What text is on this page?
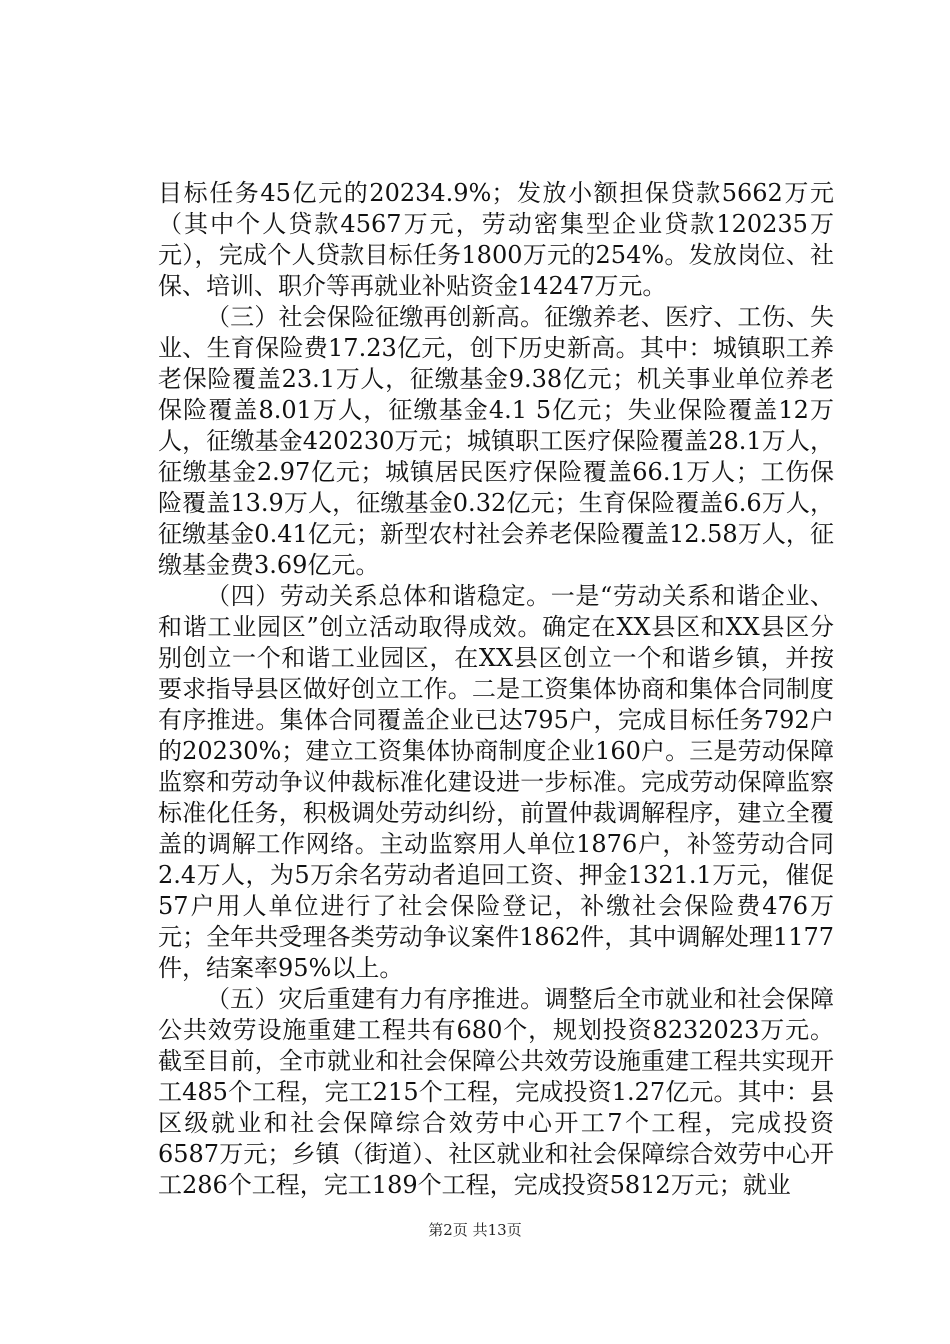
目标任务45亿元的20234.9%；发放小额担保贷款5662万元（其中个人贷款4567万元，劳动密集型企业贷款120235万元），完成个人贷款目标任务1800万元的254%。发放岗位、社保、培训、职介等再就业补贴资金14247万元。

（三）社会保险征缴再创新高。征缴养老、医疗、工伤、失业、生育保险费17.23亿元，创下历史新高。其中：城镇职工养老保险覆盖23.1万人，征缴基金9.38亿元；机关事业单位养老保险覆盖8.01万人，征缴基金4.1 5亿元；失业保险覆盖12万人，征缴基金420230万元；城镇职工医疗保险覆盖28.1万人，征缴基金2.97亿元；城镇居民医疗保险覆盖66.1万人；工伤保险覆盖13.9万人，征缴基金0.32亿元；生育保险覆盖6.6万人，征缴基金0.41亿元；新型农村社会养老保险覆盖12.58万人，征缴基金费3.69亿元。

（四）劳动关系总体和谐稳定。一是“劳动关系和谐企业、和谐工业园区”创立活动取得成效。确定在XX县区和XX县区分别创立一个和谐工业园区，在XX县区创立一个和谐乡镇，并按要求指导县区做好创立工作。二是工资集体协商和集体合同制度有序推进。集体合同覆盖企业已达795户，完成目标任务792户的20230%；建立工资集体协商制度企业160户。三是劳动保障监察和劳动争议仲裁标准化建设进一步标准。完成劳动保障监察标准化任务，积极调处劳动纠纷，前置仲裁调解程序，建立全覆盖的调解工作网络。主动监察用人单位1876户，补签劳动合同2.4万人，为5万余名劳动者追回工资、押金1321.1万元，催促57户用人单位进行了社会保险登记，补缴社会保险费476万元；全年共受理各类劳动争议案件1862件，其中调解处理1177件，结案率95%以上。

（五）灾后重建有力有序推进。调整后全市就业和社会保障公共效劳设施重建工程共有680个，规划投资8232023万元。截至目前，全市就业和社会保障公共效劳设施重建工程共实现开工485个工程，完工215个工程，完成投资1.27亿元。其中：县区级就业和社会保障综合效劳中心开工7个工程，完成投资6587万元；乡镇（街道）、社区就业和社会保障综合效劳中心开工286个工程，完工189个工程，完成投资5812万元；就业

第2页 共13页
